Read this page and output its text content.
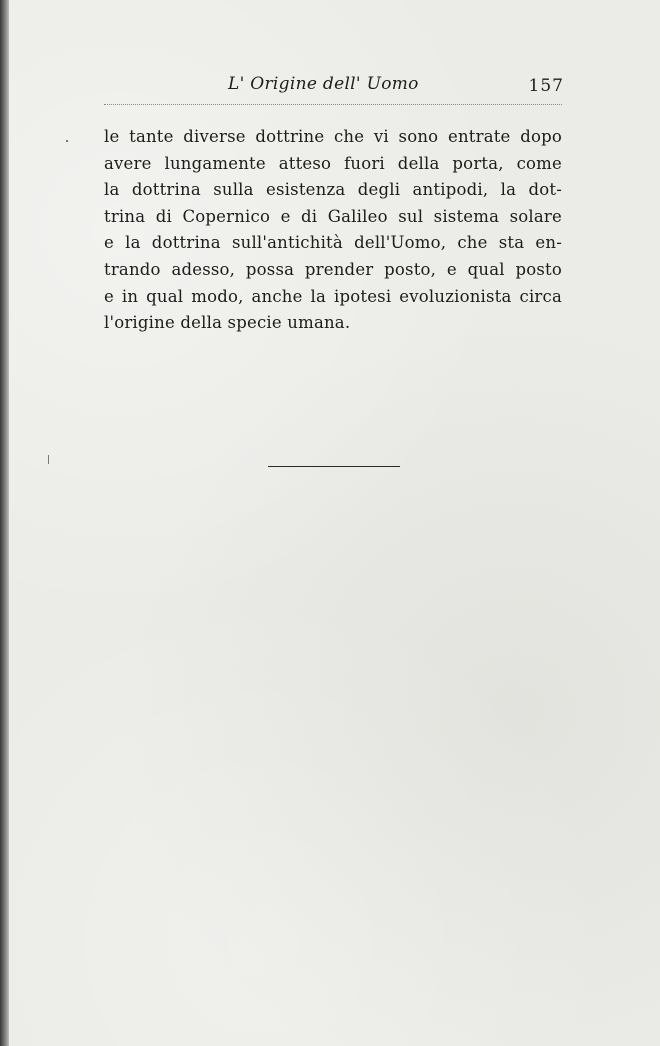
L' Origine dell' Uomo	157
le tante diverse dottrine che vi sono entrate dopo
avere lungamente atteso fuori della porta, come
la dottrina sulla esistenza degli antipodi, la dot-
trina di Copernico e di Galileo sul sistema solare
e la dottrina sull'antichità dell'Uomo, che sta en-
trando adesso, possa prender posto, e qual posto
e in qual modo, anche la ipotesi evoluzionista circa
l'origine della specie umana.
